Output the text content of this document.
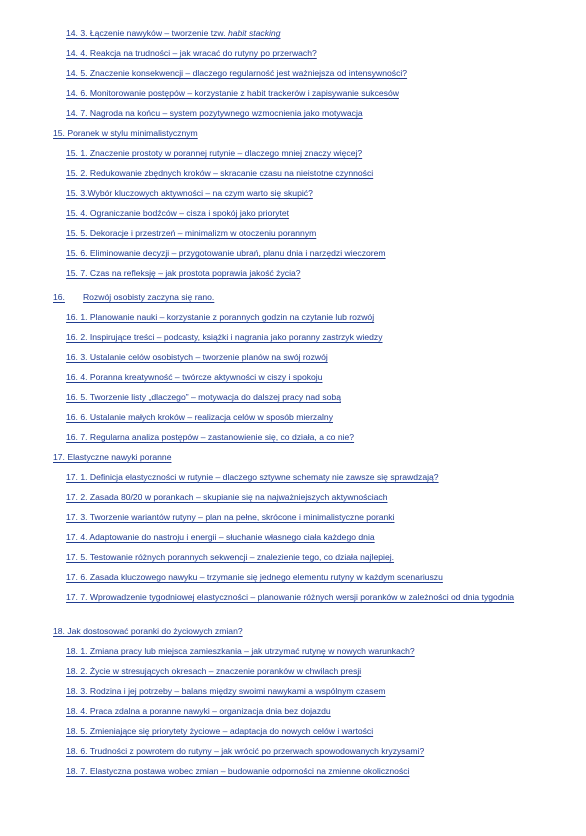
14. 3. Łączenie nawyków – tworzenie tzw. habit stacking
14. 4. Reakcja na trudności – jak wracać do rutyny po przerwach?
14. 5. Znaczenie konsekwencji – dlaczego regularność jest ważniejsza od intensywności?
14. 6. Monitorowanie postępów – korzystanie z habit trackerów i zapisywanie sukcesów
14. 7. Nagroda na końcu – system pozytywnego wzmocnienia jako motywacja
15. Poranek w stylu minimalistycznym
15. 1. Znaczenie prostoty w porannej rutynie – dlaczego mniej znaczy więcej?
15. 2. Redukowanie zbędnych kroków – skracanie czasu na nieistotne czynności
15. 3.Wybór kluczowych aktywności – na czym warto się skupić?
15. 4. Ograniczanie bodźców – cisza i spokój jako priorytet
15. 5. Dekoracje i przestrzeń – minimalizm w otoczeniu porannym
15. 6. Eliminowanie decyzji – przygotowanie ubrań, planu dnia i narzędzi wieczorem
15. 7. Czas na refleksję – jak prostota poprawia jakość życia?
16. Rozwój osobisty zaczyna się rano.
16. 1. Planowanie nauki – korzystanie z porannych godzin na czytanie lub rozwój
16. 2. Inspirujące treści – podcasty, książki i nagrania jako poranny zastrzyk wiedzy
16. 3. Ustalanie celów osobistych – tworzenie planów na swój rozwój
16. 4. Poranna kreatywność – twórcze aktywności w ciszy i spokoju
16. 5. Tworzenie listy „dlaczego” – motywacja do dalszej pracy nad sobą
16. 6. Ustalanie małych kroków – realizacja celów w sposób mierzalny
16. 7. Regularna analiza postępów – zastanowienie się, co działa, a co nie?
17. Elastyczne nawyki poranne
17. 1. Definicja elastyczności w rutynie – dlaczego sztywne schematy nie zawsze się sprawdzają?
17. 2. Zasada 80/20 w porankach – skupianie się na najważniejszych aktywnościach
17. 3. Tworzenie wariantów rutyny – plan na pełne, skrócone i minimalistyczne poranki
17. 4. Adaptowanie do nastroju i energii – słuchanie własnego ciała każdego dnia
17. 5. Testowanie różnych porannych sekwencji – znalezienie tego, co działa najlepiej.
17. 6. Zasada kluczowego nawyku – trzymanie się jednego elementu rutyny w każdym scenariuszu
17. 7. Wprowadzenie tygodniowej elastyczności – planowanie różnych wersji poranków w zależności od dnia tygodnia
18. Jak dostosować poranki do życiowych zmian?
18. 1. Zmiana pracy lub miejsca zamieszkania – jak utrzymać rutynę w nowych warunkach?
18. 2. Życie w stresujących okresach – znaczenie poranków w chwilach presji
18. 3. Rodzina i jej potrzeby – balans między swoimi nawykami a wspólnym czasem
18. 4. Praca zdalna a poranne nawyki – organizacja dnia bez dojazdu
18. 5. Zmieniające się priorytety życiowe – adaptacja do nowych celów i wartości
18. 6. Trudności z powrotem do rutyny – jak wrócić po przerwach spowodowanych kryzysami?
18. 7. Elastyczna postawa wobec zmian – budowanie odporności na zmienne okoliczności
